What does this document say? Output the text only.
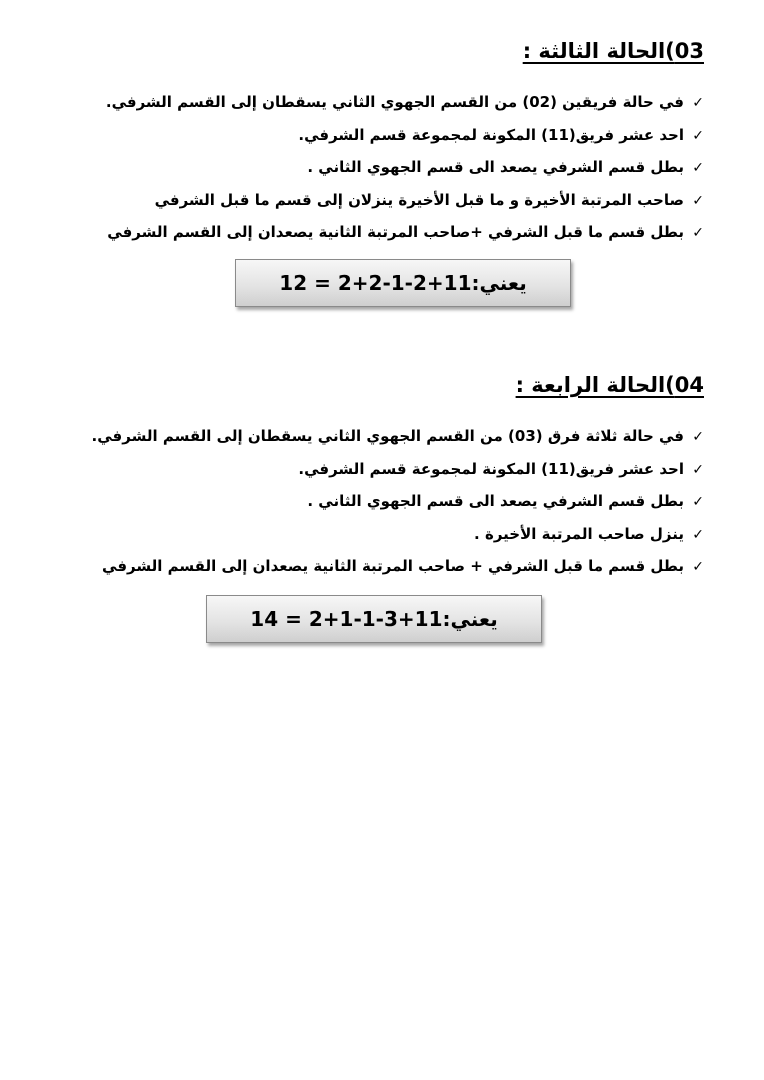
03)الحالة الثالثة :
✓
في حالة فريقين (02) من القسم الجهوي الثاني يسقطان إلى القسم الشرفي.
✓
احد عشر فريق(11) المكونة لمجموعة قسم الشرفي.
✓
بطل قسم الشرفي يصعد الى قسم الجهوي الثاني .
✓
صاحب المرتبة الأخيرة و ما قبل الأخيرة ينزلان إلى قسم ما قبل الشرفي
✓
بطل قسم ما قبل الشرفي +صاحب المرتبة الثانية يصعدان إلى القسم الشرفي
يعني:11+2-1-2+2 = 12
04)الحالة الرابعة :
✓
في حالة ثلاثة فرق (03) من القسم الجهوي الثاني يسقطان إلى القسم الشرفي.
✓
احد عشر فريق(11) المكونة لمجموعة قسم الشرفي.
✓
بطل قسم الشرفي يصعد الى قسم الجهوي الثاني .
✓
ينزل صاحب المرتبة الأخيرة .
✓
بطل قسم ما قبل الشرفي + صاحب المرتبة الثانية يصعدان إلى القسم الشرفي
يعني:11+3-1-1+2 = 14
